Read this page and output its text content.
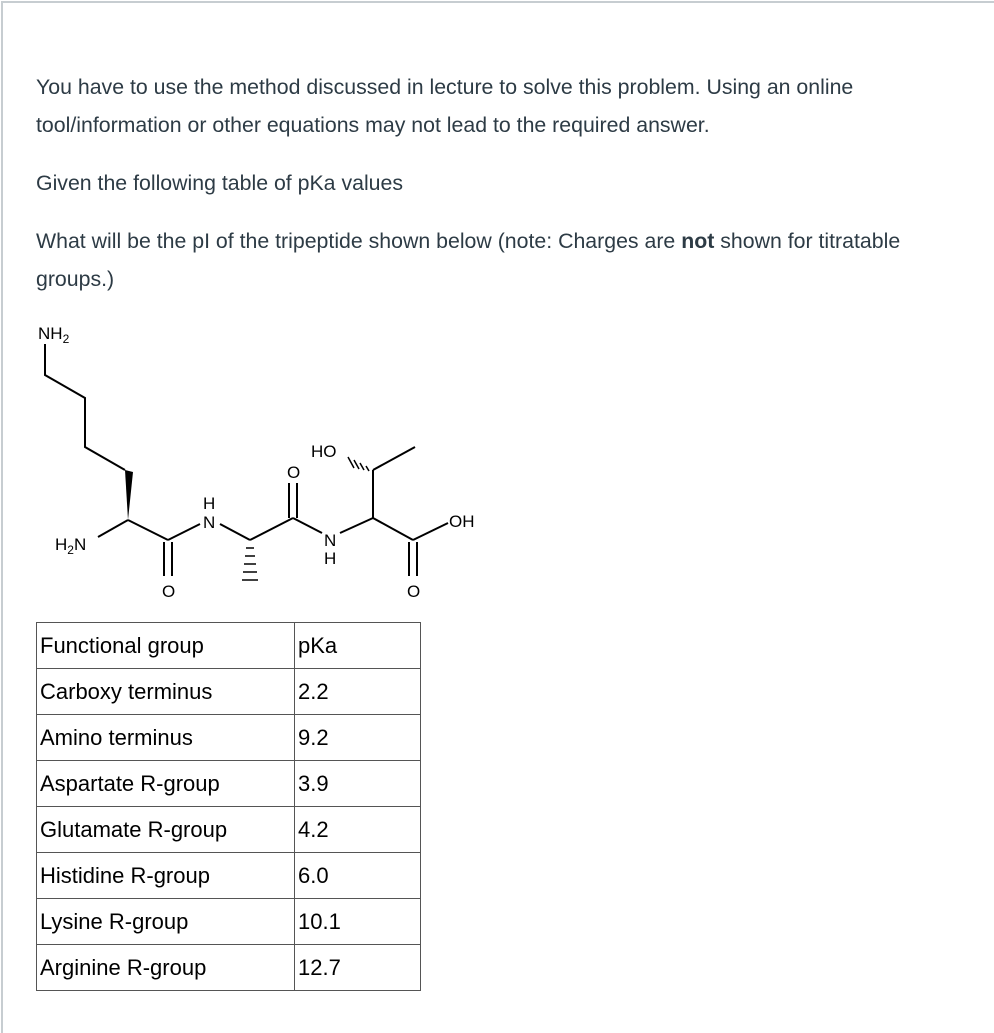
You have to use the method discussed in lecture to solve this problem. Using an online tool/information or other equations may not lead to the required answer.

Given the following table of pKa values

What will be the pI of the tripeptide shown below (note: Charges are not shown for titratable groups.)

$NH_2$
$H_2N$
H
N
O
O
N
H
HO
OH
O
Functional group	pKa
Carboxy terminus	2.2
Amino terminus	9.2
Aspartate R-group	3.9
Glutamate R-group	4.2
Histidine R-group	6.0
Lysine R-group	10.1
Arginine R-group	12.7
